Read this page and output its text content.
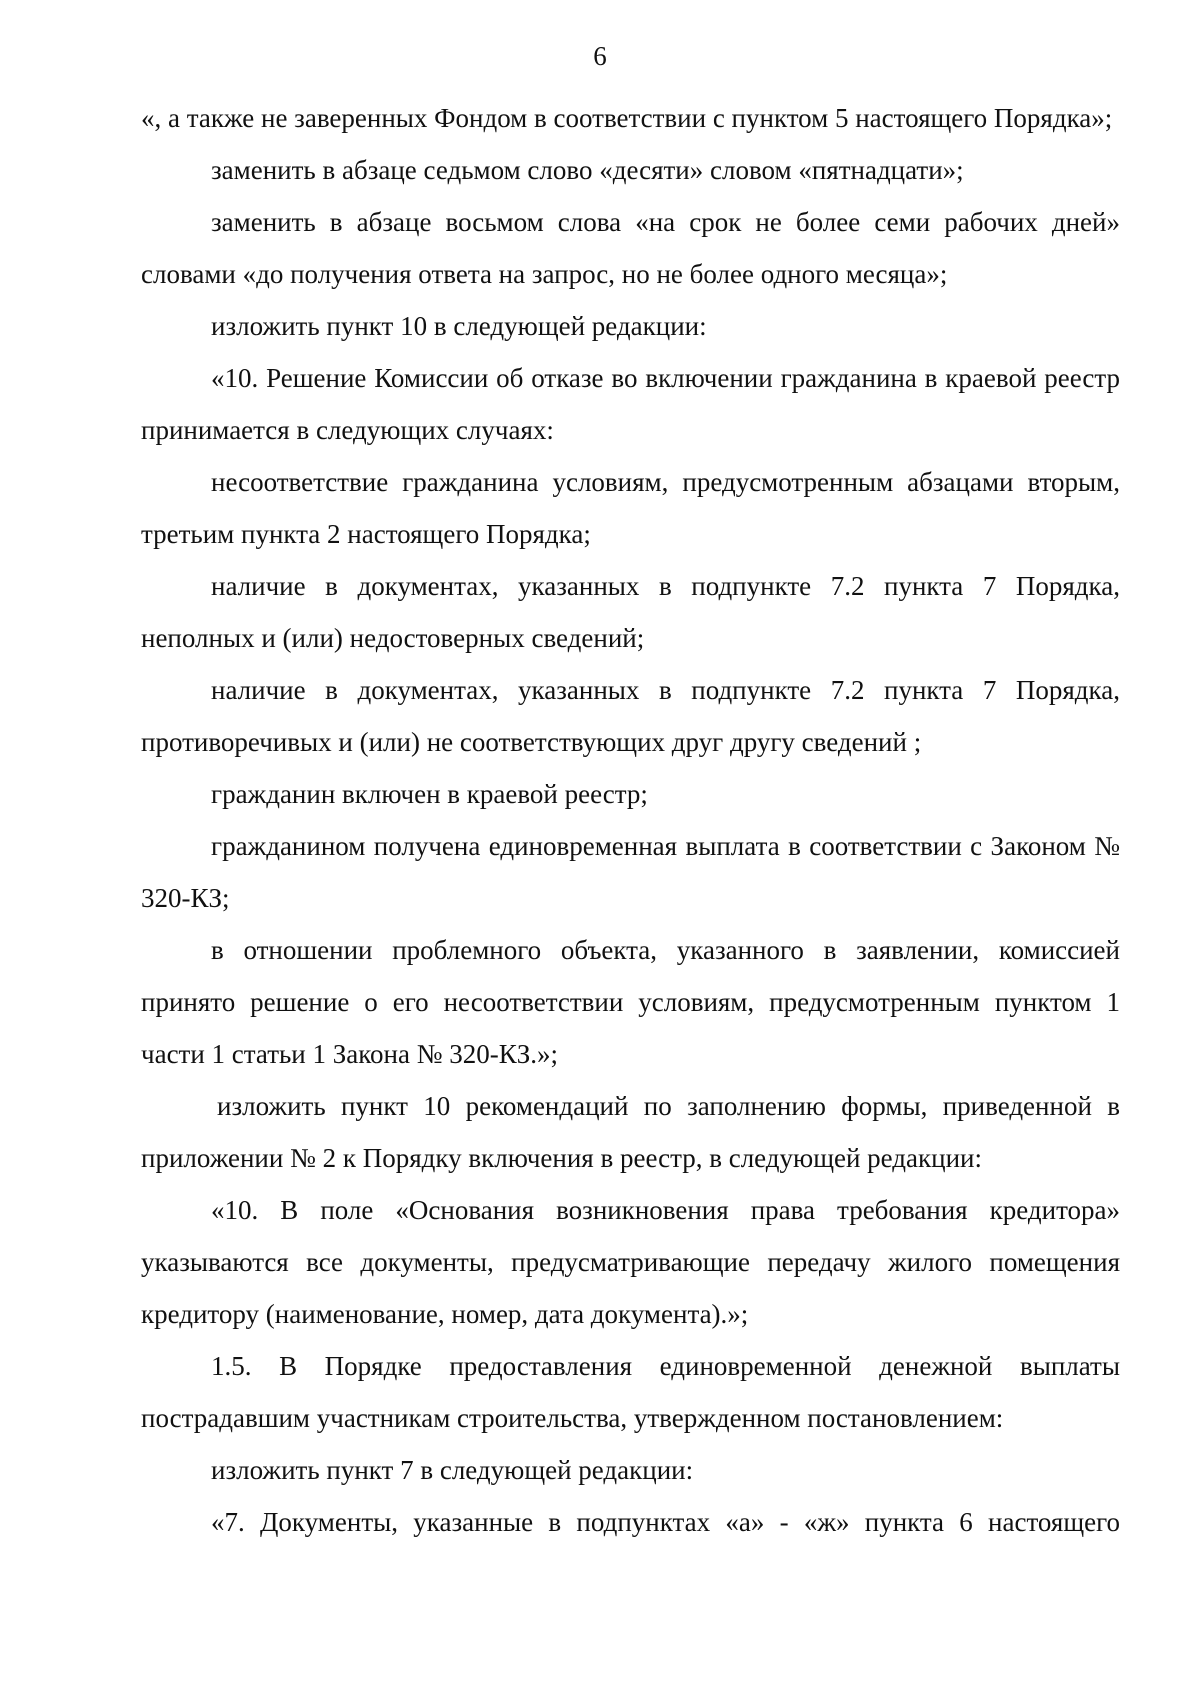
6

«, а также не заверенных Фондом в соответствии с пунктом 5 настоящего Порядка»;

заменить в абзаце седьмом слово «десяти» словом «пятнадцати»;

заменить в абзаце восьмом слова «на срок не более семи рабочих дней» словами «до получения ответа на запрос, но не более одного месяца»;

изложить пункт 10 в следующей редакции:

«10. Решение Комиссии об отказе во включении гражданина в краевой реестр принимается в следующих случаях:

несоответствие гражданина условиям, предусмотренным абзацами вторым, третьим пункта 2 настоящего Порядка;

наличие в документах, указанных в подпункте 7.2 пункта 7 Порядка, неполных и (или) недостоверных сведений;

наличие в документах, указанных в подпункте 7.2 пункта 7 Порядка, противоречивых и (или) не соответствующих друг другу сведений ;

гражданин включен в краевой реестр;

гражданином получена единовременная выплата в соответствии с Законом № 320-КЗ;

в отношении проблемного объекта, указанного в заявлении, комиссией принято решение о его несоответствии условиям, предусмотренным пунктом 1 части 1 статьи 1 Закона № 320-КЗ.»;

изложить пункт 10 рекомендаций по заполнению формы, приведенной в приложении № 2 к Порядку включения в реестр, в следующей редакции:

«10. В поле «Основания возникновения права требования кредитора» указываются все документы, предусматривающие передачу жилого помещения кредитору (наименование, номер, дата документа).»;

1.5. В Порядке предоставления единовременной денежной выплаты пострадавшим участникам строительства, утвержденном постановлением:

изложить пункт 7 в следующей редакции:

«7. Документы, указанные в подпунктах «а» - «ж» пункта 6 настоящего
